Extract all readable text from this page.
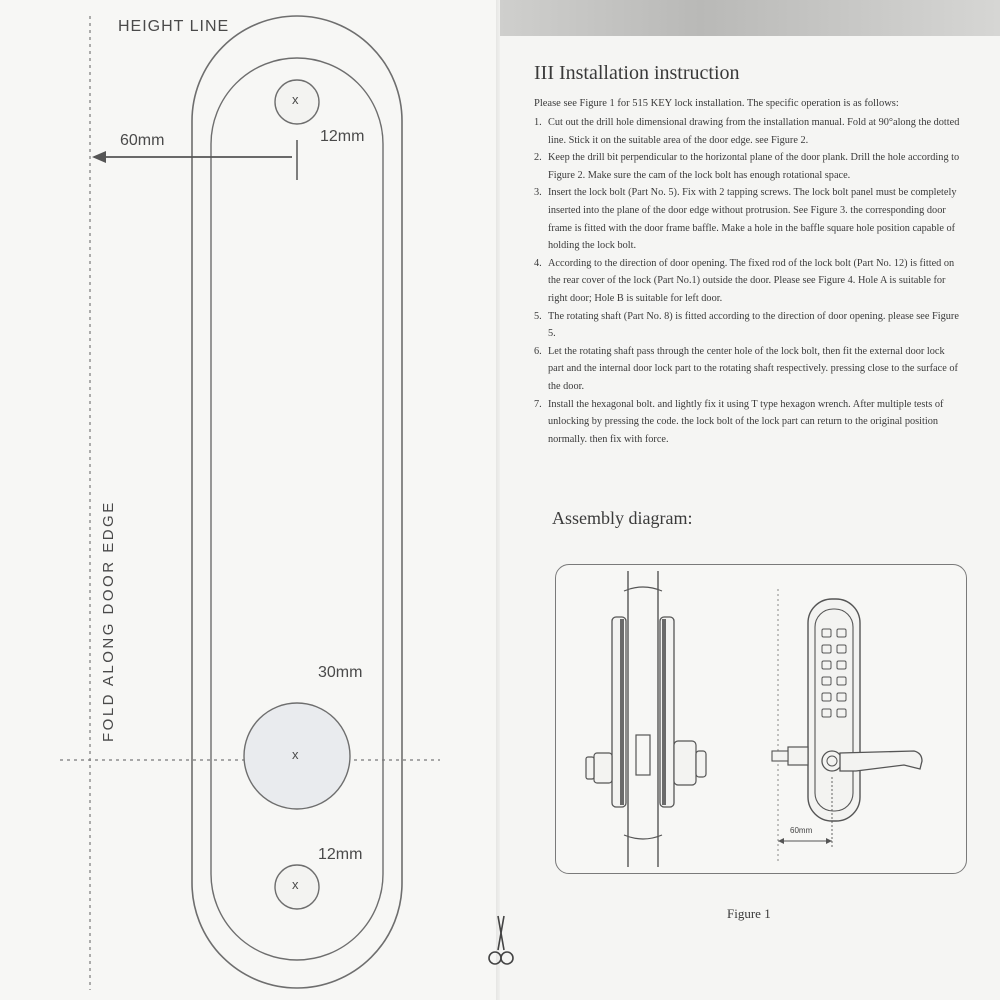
x
x
x
HEIGHT LINE
60mm	12mm
30mm
12mm
FOLD ALONG DOOR EDGE
III Installation instruction
Please see Figure 1 for 515 KEY lock installation. The specific operation is as follows:
1. Cut out the drill hole dimensional drawing from the installation manual. Fold at 90°along the dotted line. Stick it on the suitable area of the door edge. see Figure 2.
2. Keep the drill bit perpendicular to the horizontal plane of the door plank. Drill the hole according to Figure 2. Make sure the cam of the lock bolt has enough rotational space.
3. Insert the lock bolt (Part No. 5). Fix with 2 tapping screws. The lock bolt panel must be completely inserted into the plane of the door edge without protrusion. See Figure 3. the corresponding door frame is fitted with the door frame baffle. Make a hole in the baffle square hole position capable of holding the lock bolt.
4. According to the direction of door opening. The fixed rod of the lock bolt (Part No. 12) is fitted on the rear cover of the lock (Part No.1) outside the door. Please see Figure 4. Hole A is suitable for right door; Hole B is suitable for left door.
5. The rotating shaft (Part No. 8) is fitted according to the direction of door opening. please see Figure 5.
6. Let the rotating shaft pass through the center hole of the lock bolt, then fit the external door lock part and the internal door lock part to the rotating shaft respectively. pressing close to the surface of the door.
7. Install the hexagonal bolt. and lightly fix it using T type hexagon wrench. After multiple tests of unlocking by pressing the code. the lock bolt of the lock part can return to the original position normally. then fix with force.
Assembly diagram:
60mm
Figure 1
